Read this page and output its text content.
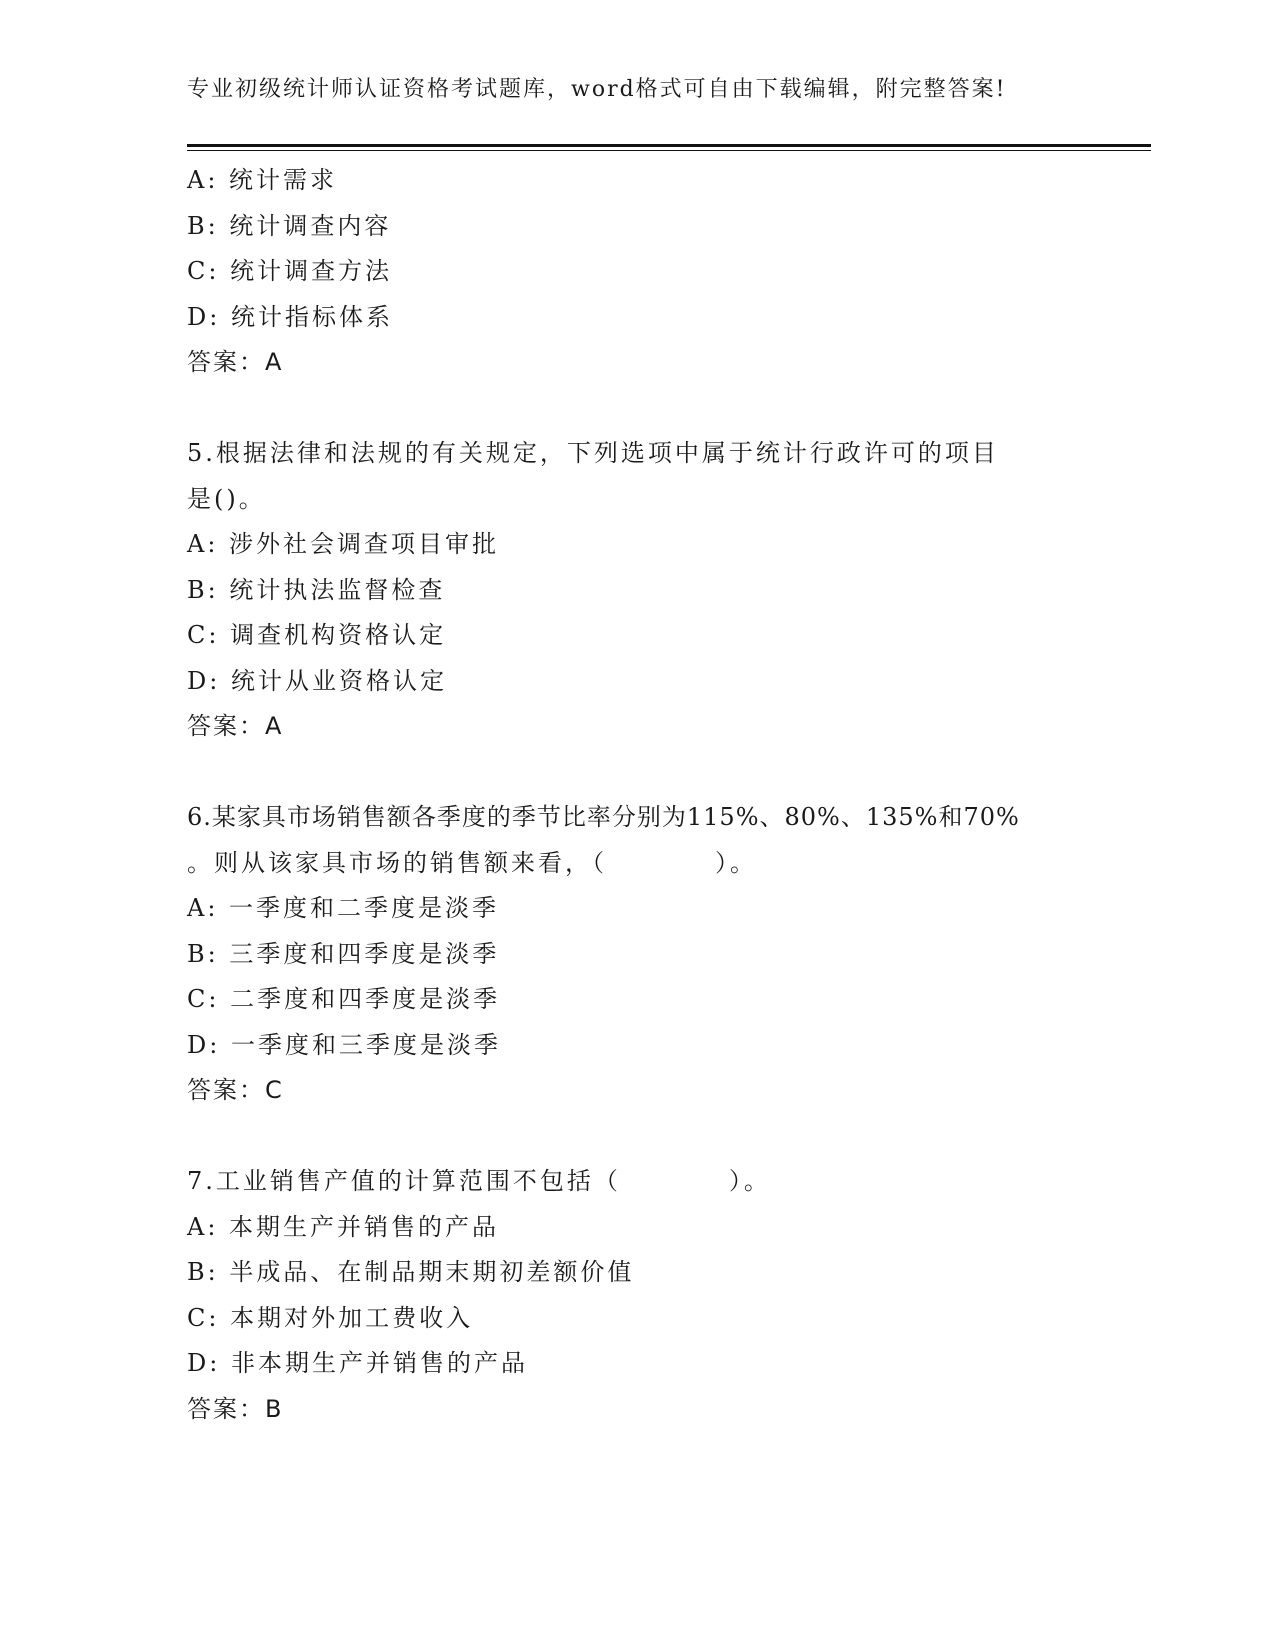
专业初级统计师认证资格考试题库，word格式可自由下载编辑，附完整答案!
A: 统计需求
B: 统计调查内容
C: 统计调查方法
D: 统计指标体系
答案：A
5.根据法律和法规的有关规定，下列选项中属于统计行政许可的项目
是()。
A: 涉外社会调查项目审批
B: 统计执法监督检查
C: 调查机构资格认定
D: 统计从业资格认定
答案：A
6.某家具市场销售额各季度的季节比率分别为115%、80%、135%和70%
。则从该家具市场的销售额来看，（　　　　）。
A: 一季度和二季度是淡季
B: 三季度和四季度是淡季
C: 二季度和四季度是淡季
D: 一季度和三季度是淡季
答案：C
7.工业销售产值的计算范围不包括（　　　　）。
A: 本期生产并销售的产品
B: 半成品、在制品期末期初差额价值
C: 本期对外加工费收入
D: 非本期生产并销售的产品
答案：B
